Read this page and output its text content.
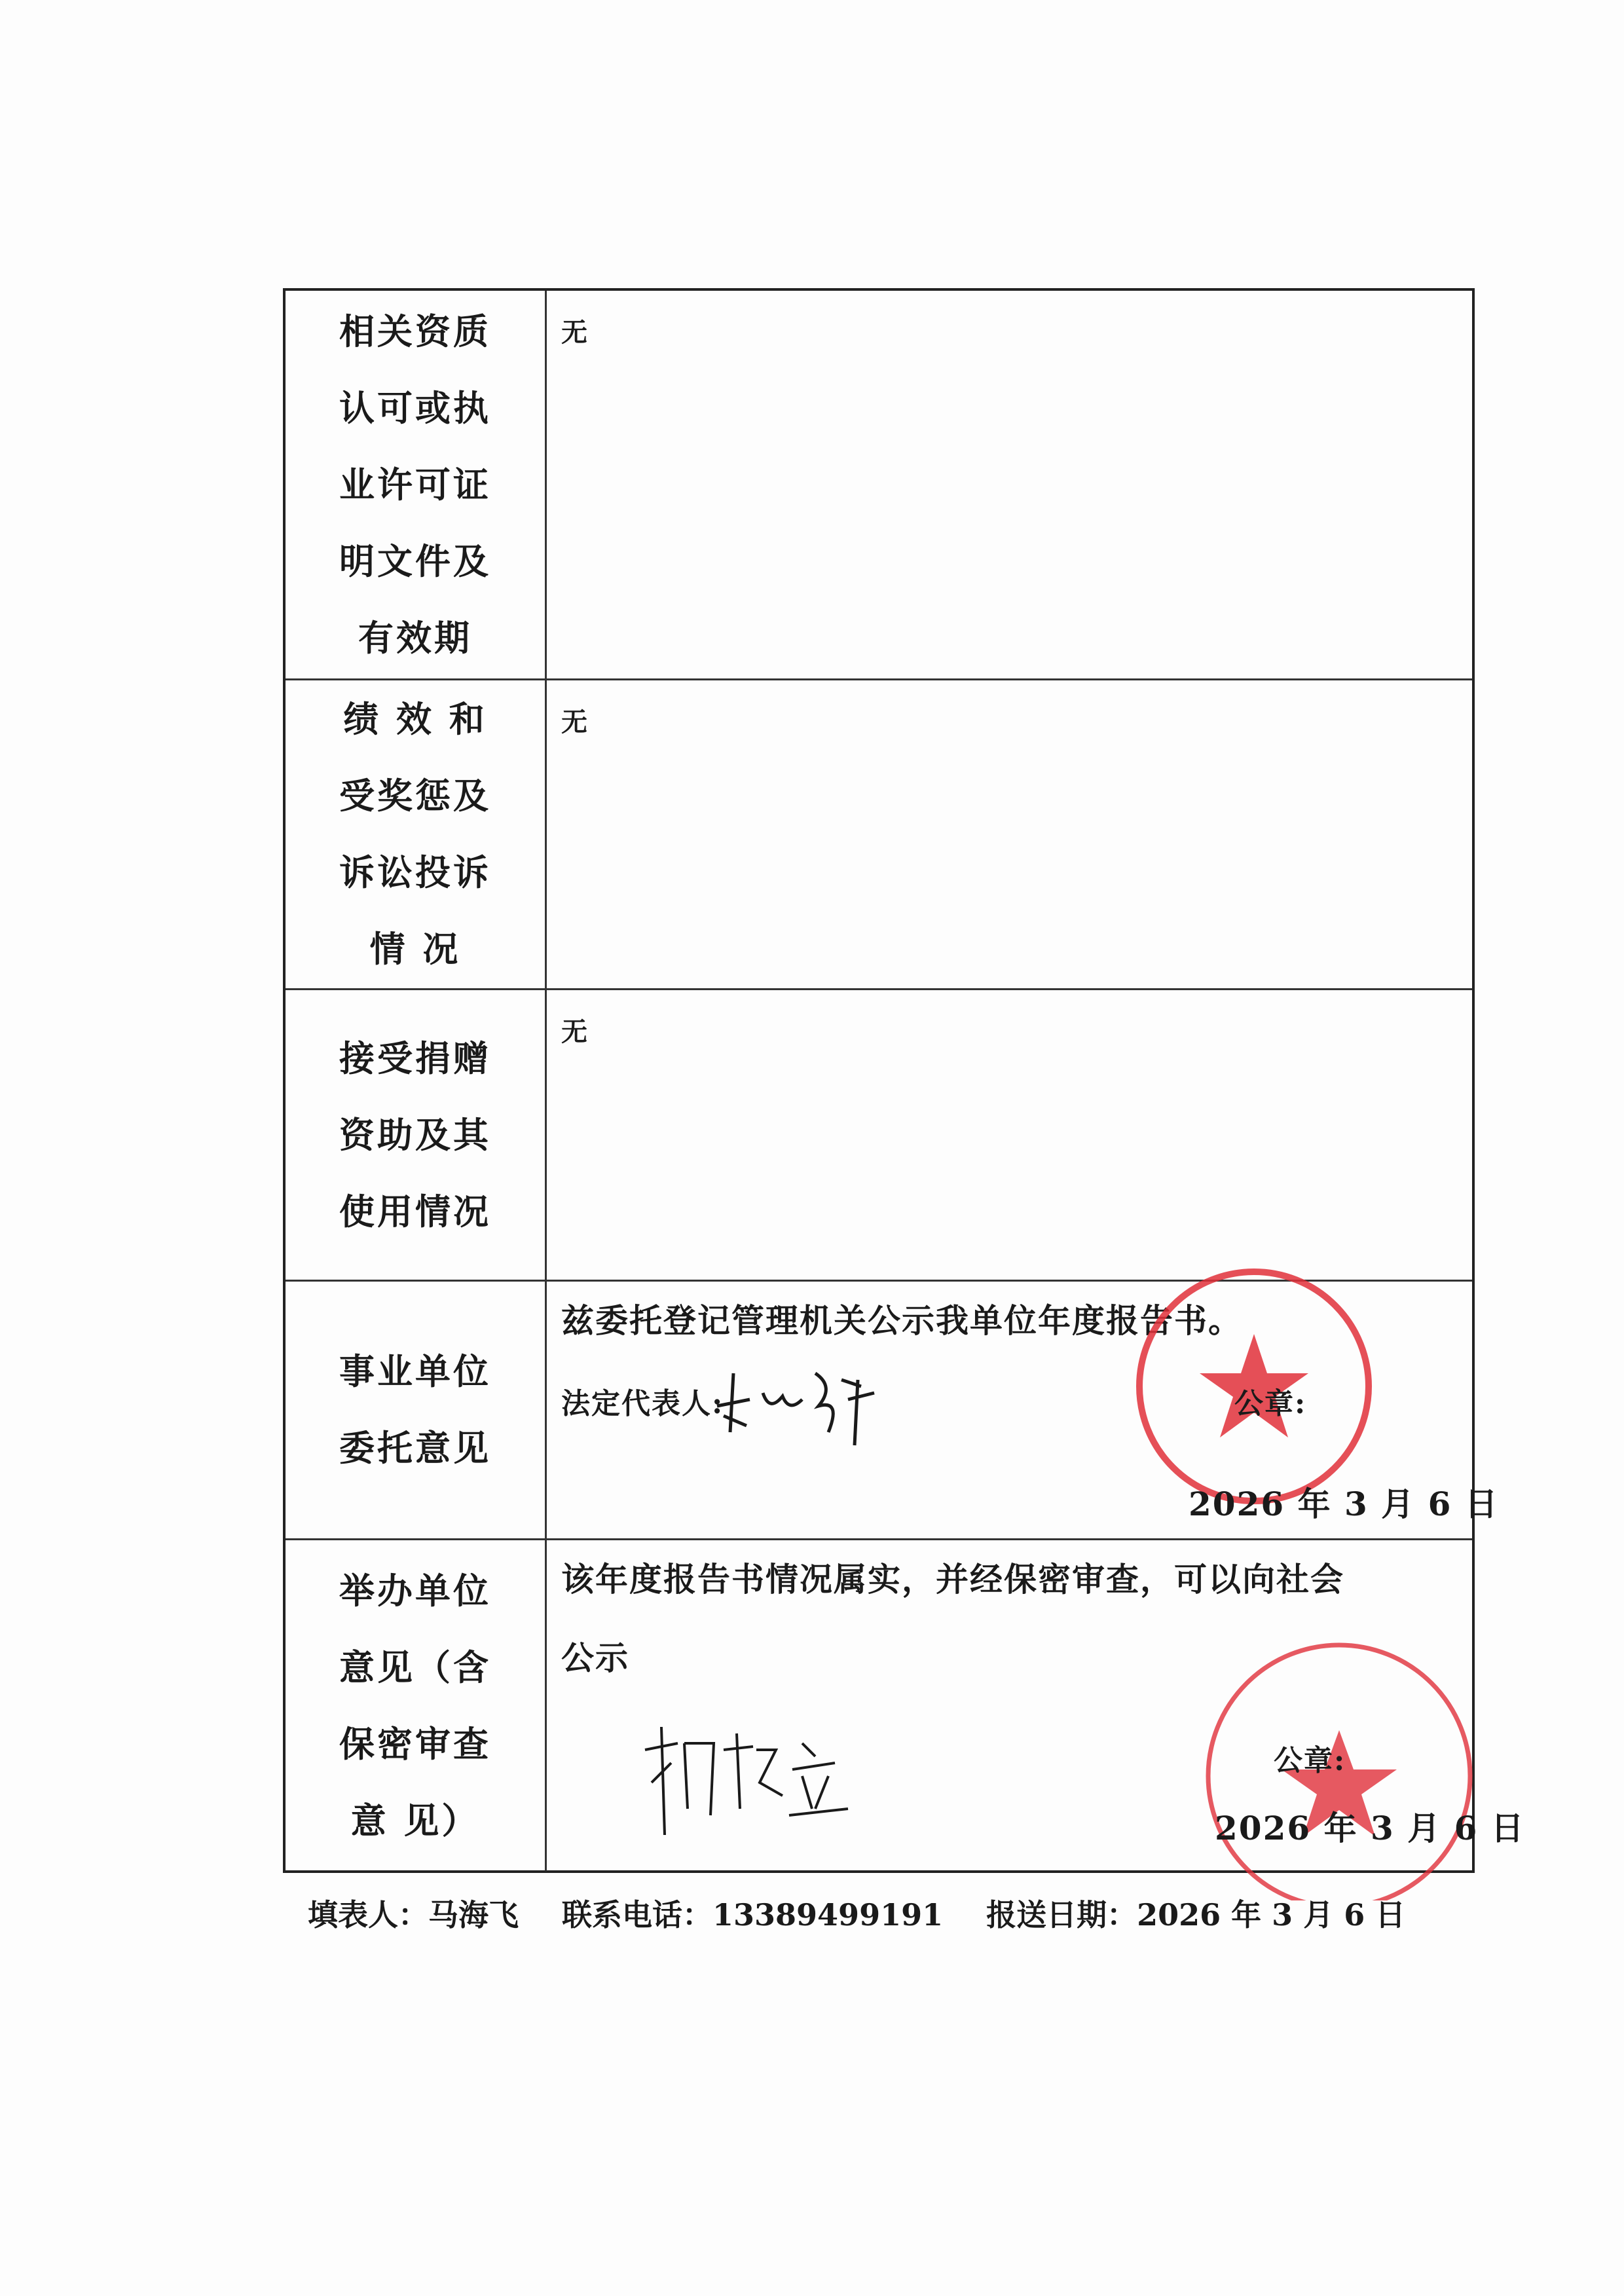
相关资质
认可或执
业许可证
明文件及
有效期
无
绩 效 和
受奖惩及
诉讼投诉
情 况
无
接受捐赠
资助及其
使用情况
无
事业单位
委托意见
兹委托登记管理机关公示我单位年度报告书。
法定代表人:	公章:
2026 年 3 月 6 日
举办单位
意见（含
保密审查
意 见）
该年度报告书情况属实，并经保密审查，可以向社会
公示
公章:
2026 年 3 月 6 日
填表人：马海飞 联系电话：13389499191 报送日期：2026 年 3 月 6 日
